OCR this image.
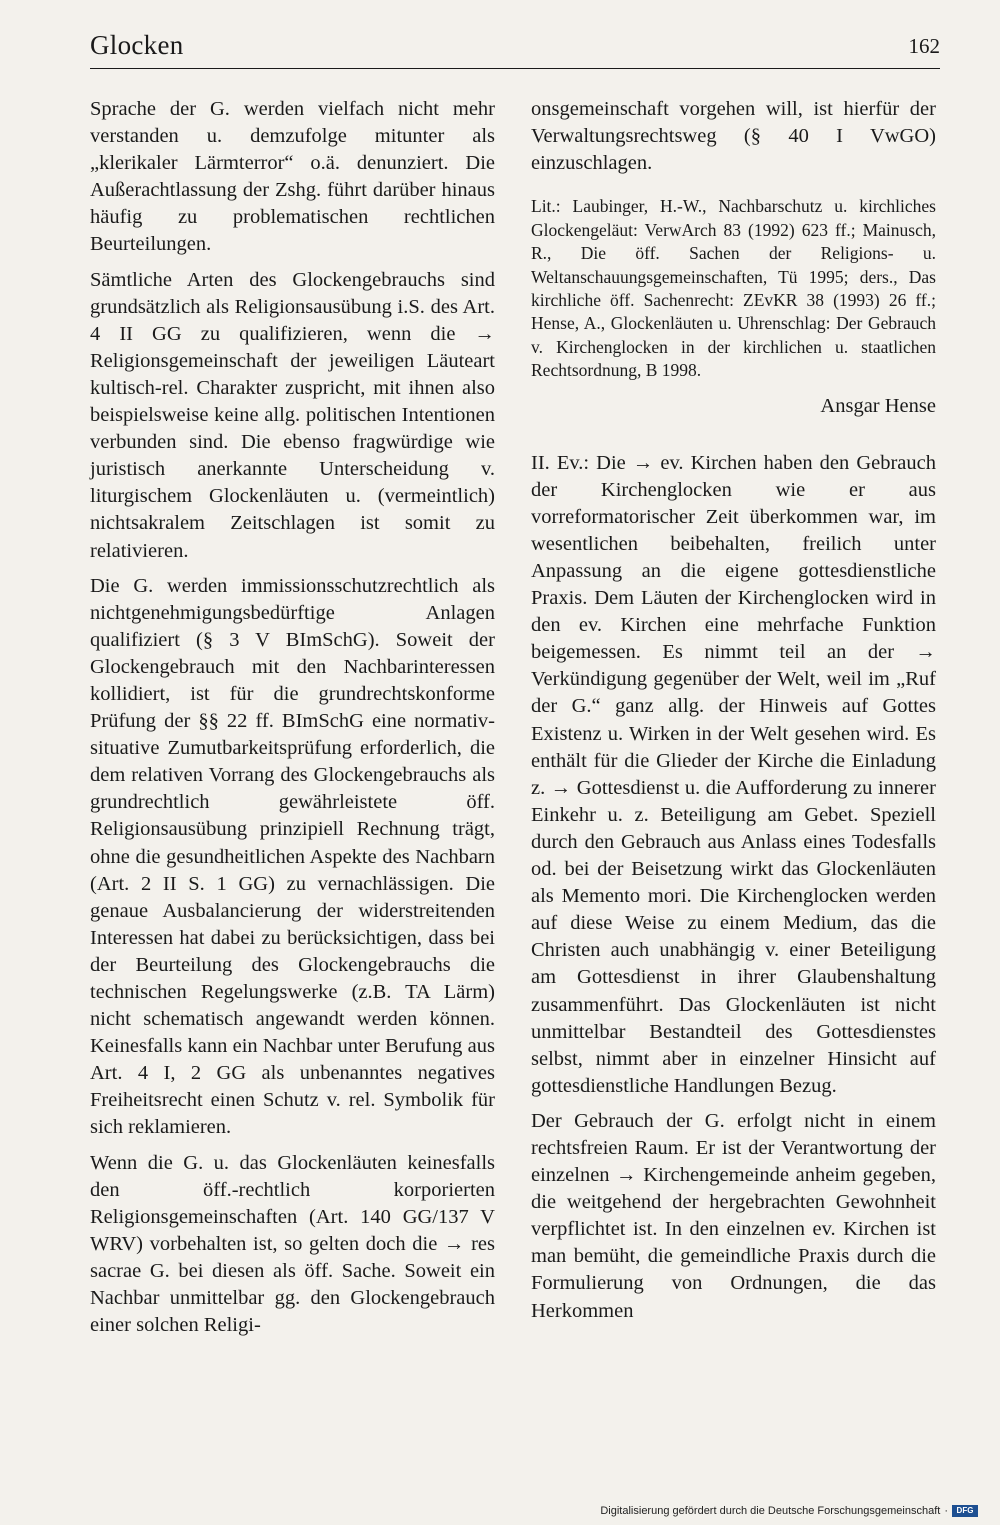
Glocken	162

Sprache der G. werden vielfach nicht mehr verstanden u. demzufolge mitunter als „klerikaler Lärmterror“ o.ä. denunziert. Die Außerachtlassung der Zshg. führt darüber hinaus häufig zu problematischen rechtlichen Beurteilungen.

Sämtliche Arten des Glockengebrauchs sind grundsätzlich als Religionsausübung i.S. des Art. 4 II GG zu qualifizieren, wenn die → Religionsgemeinschaft der jeweiligen Läuteart kultisch-rel. Charakter zuspricht, mit ihnen also beispielsweise keine allg. politischen Intentionen verbunden sind. Die ebenso fragwürdige wie juristisch anerkannte Unterscheidung v. liturgischem Glockenläuten u. (vermeintlich) nichtsakralem Zeitschlagen ist somit zu relativieren.

Die G. werden immissionsschutzrechtlich als nichtgenehmigungsbedürftige Anlagen qualifiziert (§ 3 V BImSchG). Soweit der Glockengebrauch mit den Nachbarinteressen kollidiert, ist für die grundrechtskonforme Prüfung der §§ 22 ff. BImSchG eine normativ-situative Zumutbarkeitsprüfung erforderlich, die dem relativen Vorrang des Glockengebrauchs als grundrechtlich gewährleistete öff. Religionsausübung prinzipiell Rechnung trägt, ohne die gesundheitlichen Aspekte des Nachbarn (Art. 2 II S. 1 GG) zu vernachlässigen. Die genaue Ausbalancierung der widerstreitenden Interessen hat dabei zu berücksichtigen, dass bei der Beurteilung des Glockengebrauchs die technischen Regelungswerke (z.B. TA Lärm) nicht schematisch angewandt werden können. Keinesfalls kann ein Nachbar unter Berufung aus Art. 4 I, 2 GG als unbenanntes negatives Freiheitsrecht einen Schutz v. rel. Symbolik für sich reklamieren.

Wenn die G. u. das Glockenläuten keinesfalls den öff.-rechtlich korporierten Religionsgemeinschaften (Art. 140 GG/137 V WRV) vorbehalten ist, so gelten doch die → res sacrae G. bei diesen als öff. Sache. Soweit ein Nachbar unmittelbar gg. den Glockengebrauch einer solchen Religi-

onsgemeinschaft vorgehen will, ist hierfür der Verwaltungsrechtsweg (§ 40 I VwGO) einzuschlagen.

Lit.: Laubinger, H.-W., Nachbarschutz u. kirchliches Glockengeläut: VerwArch 83 (1992) 623 ff.; Mainusch, R., Die öff. Sachen der Religions- u. Weltanschauungsgemeinschaften, Tü 1995; ders., Das kirchliche öff. Sachenrecht: ZEvKR 38 (1993) 26 ff.; Hense, A., Glockenläuten u. Uhrenschlag: Der Gebrauch v. Kirchenglocken in der kirchlichen u. staatlichen Rechtsordnung, B 1998.

Ansgar Hense

II. Ev.: Die → ev. Kirchen haben den Gebrauch der Kirchenglocken wie er aus vorreformatorischer Zeit überkommen war, im wesentlichen beibehalten, freilich unter Anpassung an die eigene gottesdienstliche Praxis. Dem Läuten der Kirchenglocken wird in den ev. Kirchen eine mehrfache Funktion beigemessen. Es nimmt teil an der → Verkündigung gegenüber der Welt, weil im „Ruf der G.“ ganz allg. der Hinweis auf Gottes Existenz u. Wirken in der Welt gesehen wird. Es enthält für die Glieder der Kirche die Einladung z. → Gottesdienst u. die Aufforderung zu innerer Einkehr u. z. Beteiligung am Gebet. Speziell durch den Gebrauch aus Anlass eines Todesfalls od. bei der Beisetzung wirkt das Glockenläuten als Memento mori. Die Kirchenglocken werden auf diese Weise zu einem Medium, das die Christen auch unabhängig v. einer Beteiligung am Gottesdienst in ihrer Glaubenshaltung zusammenführt. Das Glockenläuten ist nicht unmittelbar Bestandteil des Gottesdienstes selbst, nimmt aber in einzelner Hinsicht auf gottesdienstliche Handlungen Bezug.

Der Gebrauch der G. erfolgt nicht in einem rechtsfreien Raum. Er ist der Verantwortung der einzelnen → Kirchengemeinde anheim gegeben, die weitgehend der hergebrachten Gewohnheit verpflichtet ist. In den einzelnen ev. Kirchen ist man bemüht, die gemeindliche Praxis durch die Formulierung von Ordnungen, die das Herkommen

Digitalisierung gefördert durch die Deutsche Forschungsgemeinschaft ·	DFG
